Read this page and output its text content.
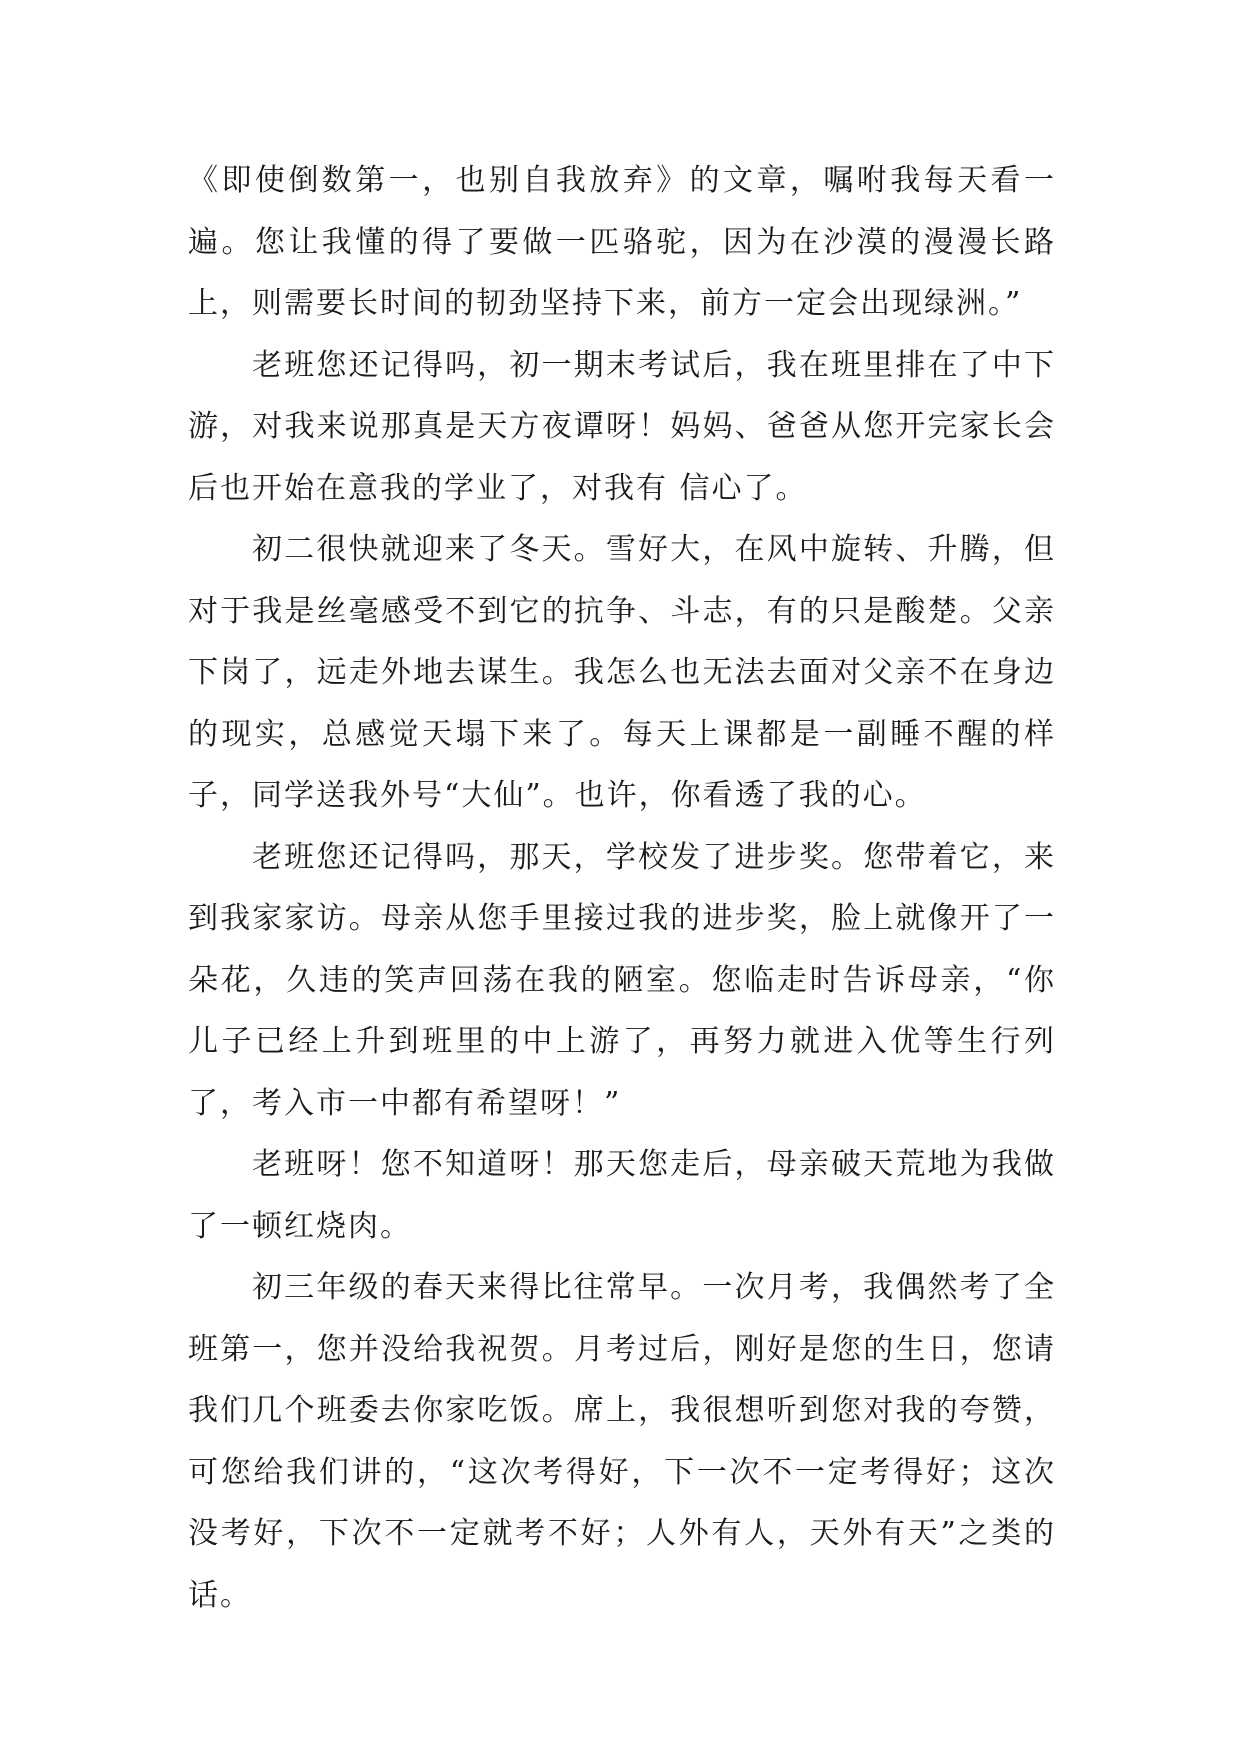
《即使倒数第一，也别自我放弃》的文章，嘱咐我每天看一遍。您让我懂的得了要做一匹骆驼，因为在沙漠的漫漫长路上，则需要长时间的韧劲坚持下来，前方一定会出现绿洲。”

老班您还记得吗，初一期末考试后，我在班里排在了中下游，对我来说那真是天方夜谭呀！妈妈、爸爸从您开完家长会后也开始在意我的学业了，对我有 信心了。

初二很快就迎来了冬天。雪好大，在风中旋转、升腾，但对于我是丝毫感受不到它的抗争、斗志，有的只是酸楚。父亲下岗了，远走外地去谋生。我怎么也无法去面对父亲不在身边的现实，总感觉天塌下来了。每天上课都是一副睡不醒的样子，同学送我外号“大仙”。也许，你看透了我的心。

老班您还记得吗，那天，学校发了进步奖。您带着它，来到我家家访。母亲从您手里接过我的进步奖，脸上就像开了一朵花，久违的笑声回荡在我的陋室。您临走时告诉母亲，“你儿子已经上升到班里的中上游了，再努力就进入优等生行列了，考入市一中都有希望呀！”

老班呀！您不知道呀！那天您走后，母亲破天荒地为我做了一顿红烧肉。

初三年级的春天来得比往常早。一次月考，我偶然考了全班第一，您并没给我祝贺。月考过后，刚好是您的生日，您请我们几个班委去你家吃饭。席上，我很想听到您对我的夸赞，可您给我们讲的，“这次考得好，下一次不一定考得好；这次没考好，下次不一定就考不好；人外有人，天外有天”之类的话。
